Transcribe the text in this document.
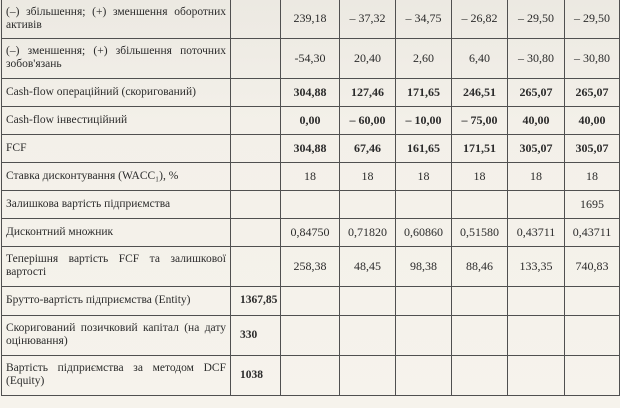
(–) збільшення; (+) зменшення оборотних активів		239,18	– 37,32	– 34,75	– 26,82	– 29,50	– 29,50
(–) зменшення; (+) збільшення поточних зобов'язань		-54,30	20,40	2,60	6,40	– 30,80	– 30,80
Cash-flow операційний (скоригований)		304,88	127,46	171,65	246,51	265,07	265,07
Cash-flow інвестиційний		0,00	– 60,00	– 10,00	– 75,00	40,00	40,00
FCF		304,88	67,46	161,65	171,51	305,07	305,07
Ставка дисконтування (WACC₁), %		18	18	18	18	18	18
Залишкова вартість підприємства							1695
Дисконтний множник		0,84750	0,71820	0,60860	0,51580	0,43711	0,43711
Теперішня вартість FCF та залишкової вартості		258,38	48,45	98,38	88,46	133,35	740,83
Брутто-вартість підприємства (Entity)	1367,85						
Скоригований позичковий капітал (на дату оцінювання)	330						
Вартість підприємства за методом DCF (Equity)	1038						
